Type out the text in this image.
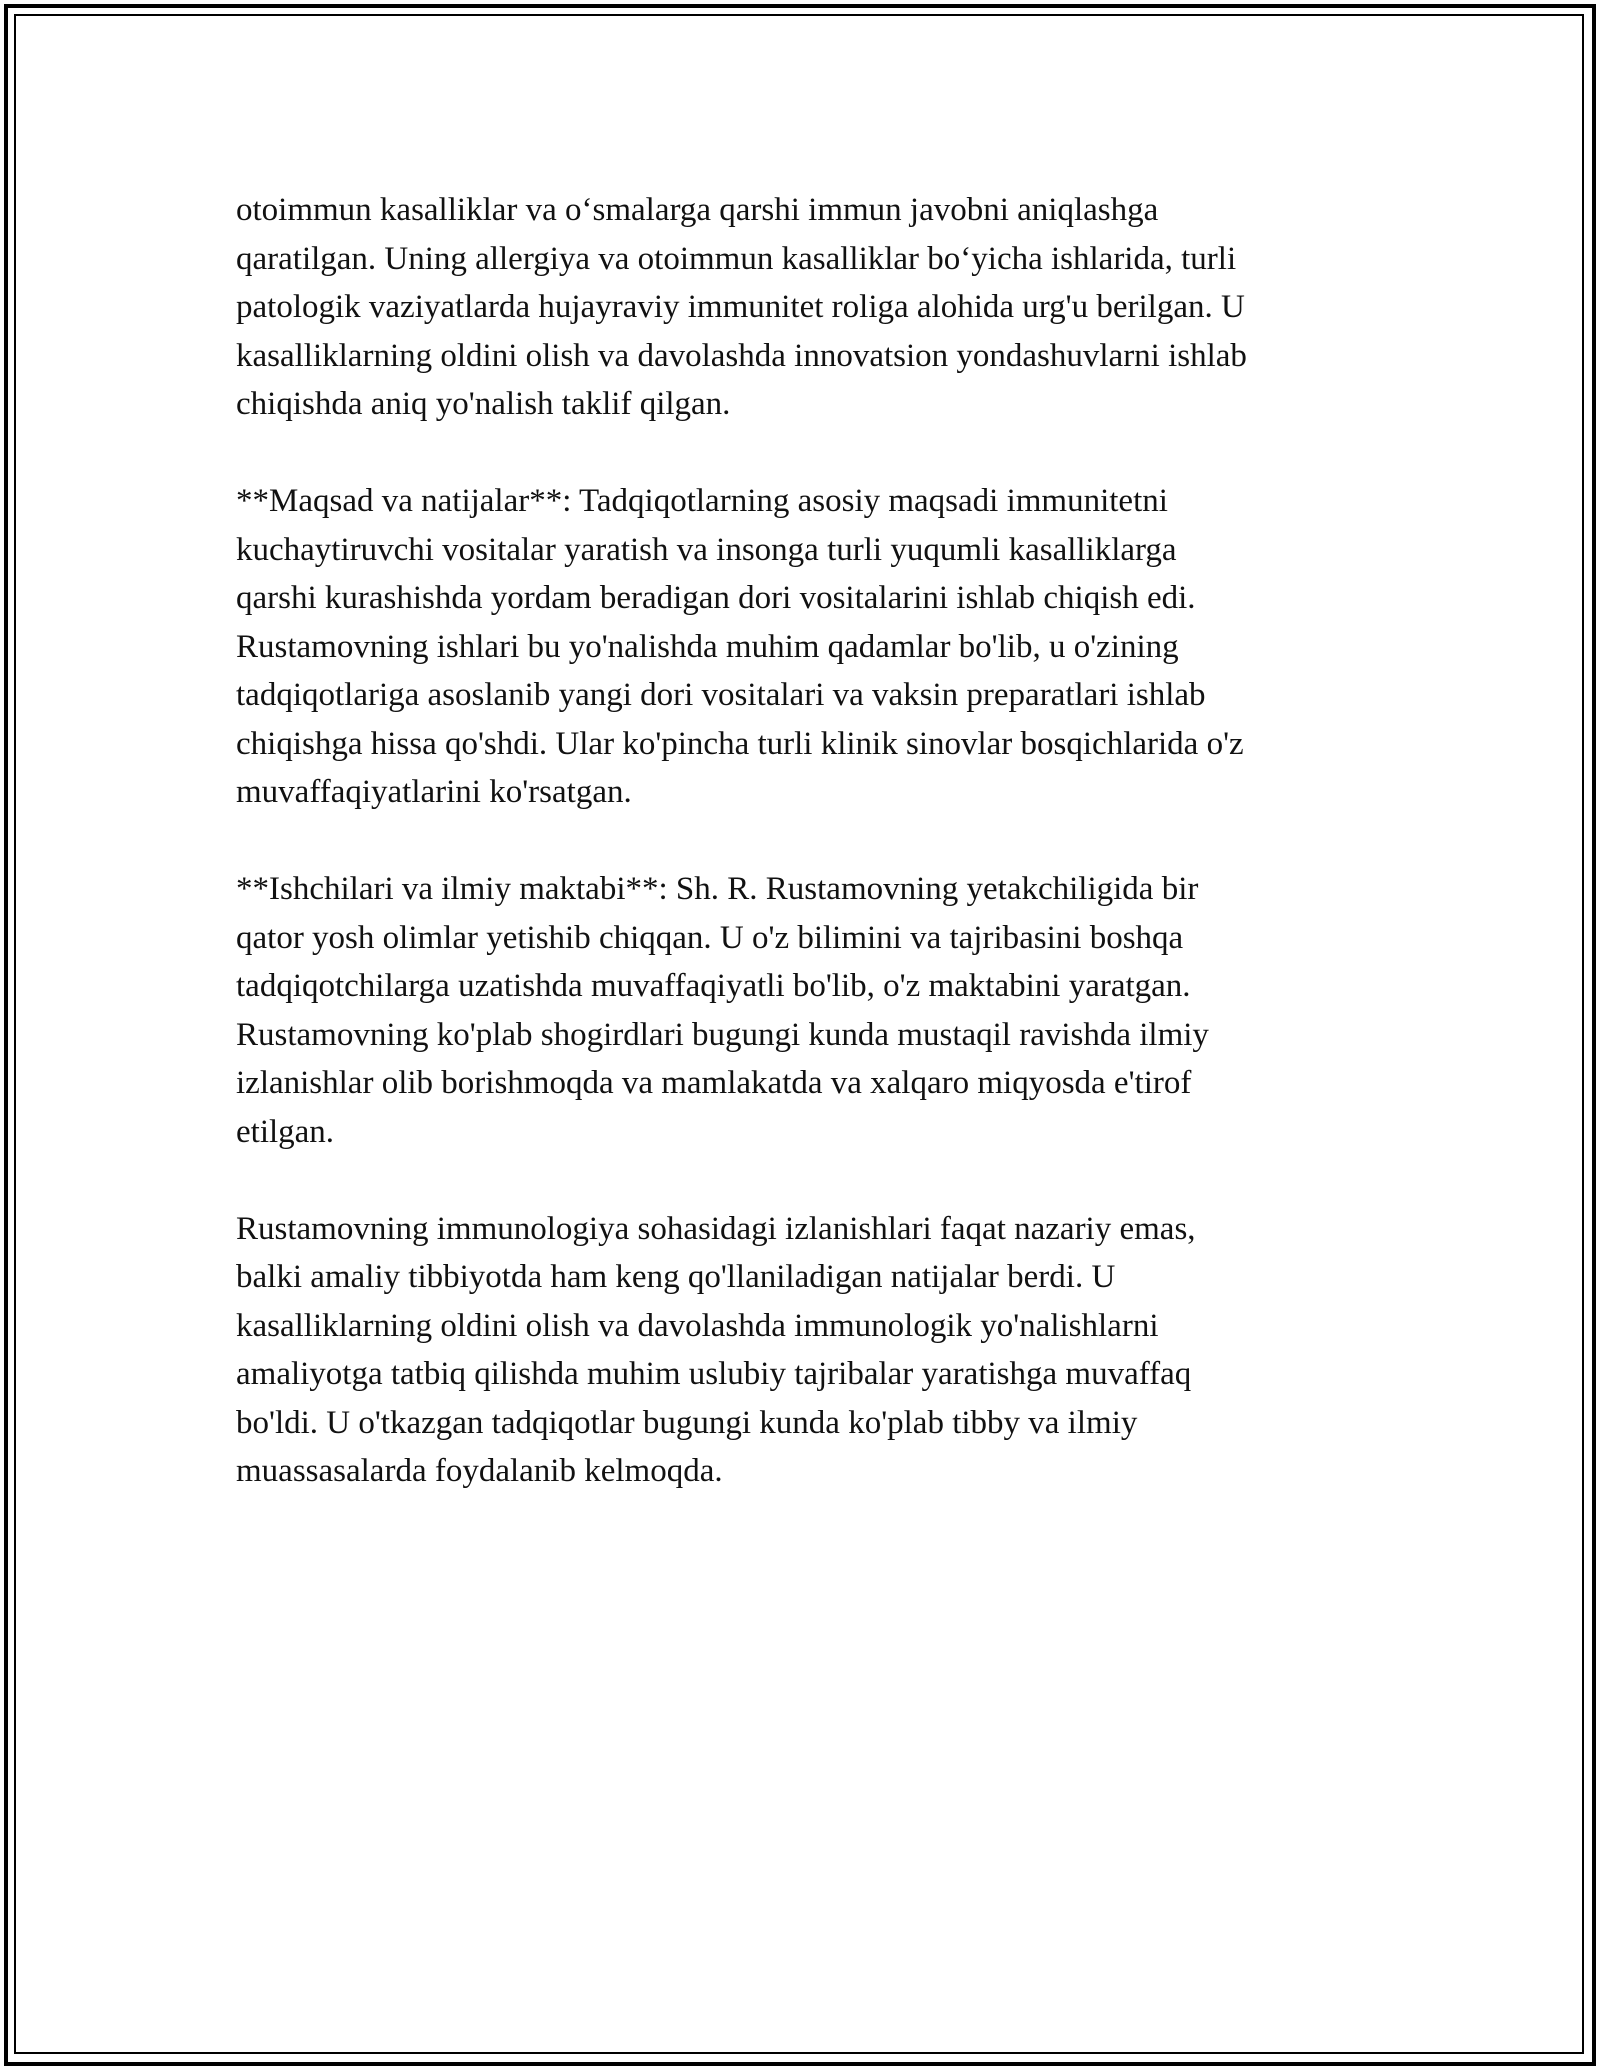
otoimmun kasalliklar va o‘smalarga qarshi immun javobni aniqlashga
qaratilgan. Uning allergiya va otoimmun kasalliklar bo‘yicha ishlarida, turli
patologik vaziyatlarda hujayraviy immunitet roliga alohida urg'u berilgan. U
kasalliklarning oldini olish va davolashda innovatsion yondashuvlarni ishlab
chiqishda aniq yo'nalish taklif qilgan.

**Maqsad va natijalar**: Tadqiqotlarning asosiy maqsadi immunitetni
kuchaytiruvchi vositalar yaratish va insonga turli yuqumli kasalliklarga
qarshi kurashishda yordam beradigan dori vositalarini ishlab chiqish edi.
Rustamovning ishlari bu yo'nalishda muhim qadamlar bo'lib, u o'zining
tadqiqotlariga asoslanib yangi dori vositalari va vaksin preparatlari ishlab
chiqishga hissa qo'shdi. Ular ko'pincha turli klinik sinovlar bosqichlarida o'z
muvaffaqiyatlarini ko'rsatgan.

**Ishchilari va ilmiy maktabi**: Sh. R. Rustamovning yetakchiligida bir
qator yosh olimlar yetishib chiqqan. U o'z bilimini va tajribasini boshqa
tadqiqotchilarga uzatishda muvaffaqiyatli bo'lib, o'z maktabini yaratgan.
Rustamovning ko'plab shogirdlari bugungi kunda mustaqil ravishda ilmiy
izlanishlar olib borishmoqda va mamlakatda va xalqaro miqyosda e'tirof
etilgan.

Rustamovning immunologiya sohasidagi izlanishlari faqat nazariy emas,
balki amaliy tibbiyotda ham keng qo'llaniladigan natijalar berdi. U
kasalliklarning oldini olish va davolashda immunologik yo'nalishlarni
amaliyotga tatbiq qilishda muhim uslubiy tajribalar yaratishga muvaffaq
bo'ldi. U o'tkazgan tadqiqotlar bugungi kunda ko'plab tibby va ilmiy
muassasalarda foydalanib kelmoqda.
